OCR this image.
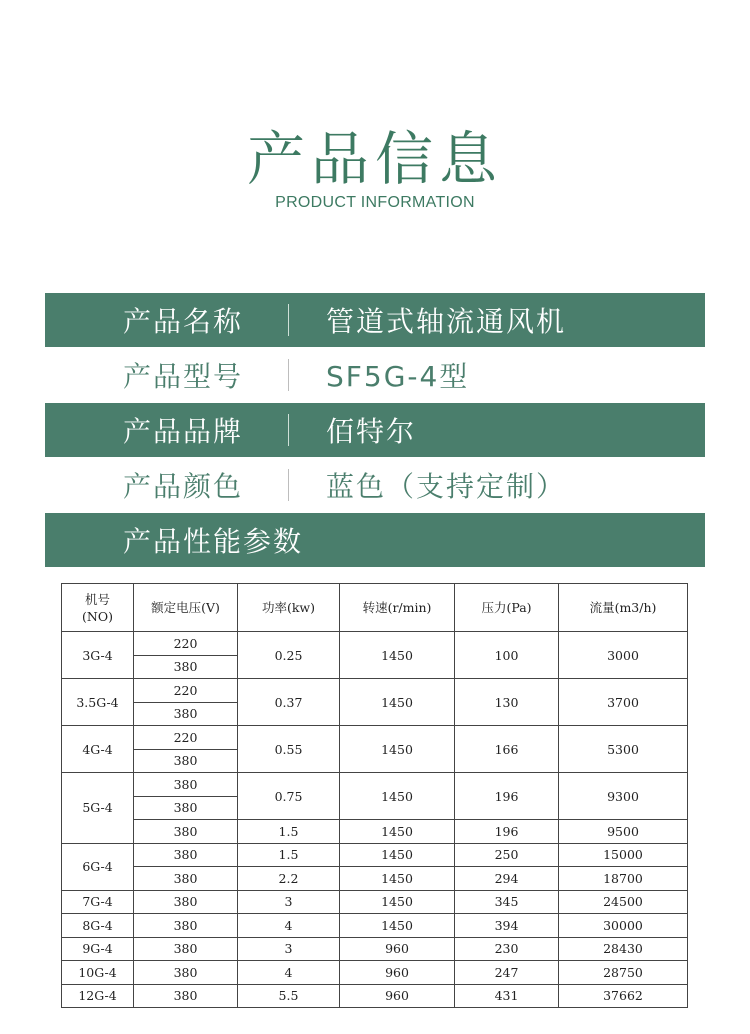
产品信息
PRODUCT INFORMATION
产品名称	管道式轴流通风机
产品型号	SF5G-4型
产品品牌	佰特尔
产品颜色	蓝色（支持定制）
产品性能参数
机号
(NO)	额定电压(V)	功率(kw)	转速(r/min)	压力(Pa)	流量(m3/h)
3G-4	220	0.25	1450	100	3000
	380				
3.5G-4	220	0.37	1450	130	3700
	380				
4G-4	220	0.55	1450	166	5300
	380				
5G-4	380	0.75	1450	196	9300
	380				
	380	1.5	1450	196	9500
6G-4	380	1.5	1450	250	15000
	380	2.2	1450	294	18700
7G-4	380	3	1450	345	24500
8G-4	380	4	1450	394	30000
9G-4	380	3	960	230	28430
10G-4	380	4	960	247	28750
12G-4	380	5.5	960	431	37662
